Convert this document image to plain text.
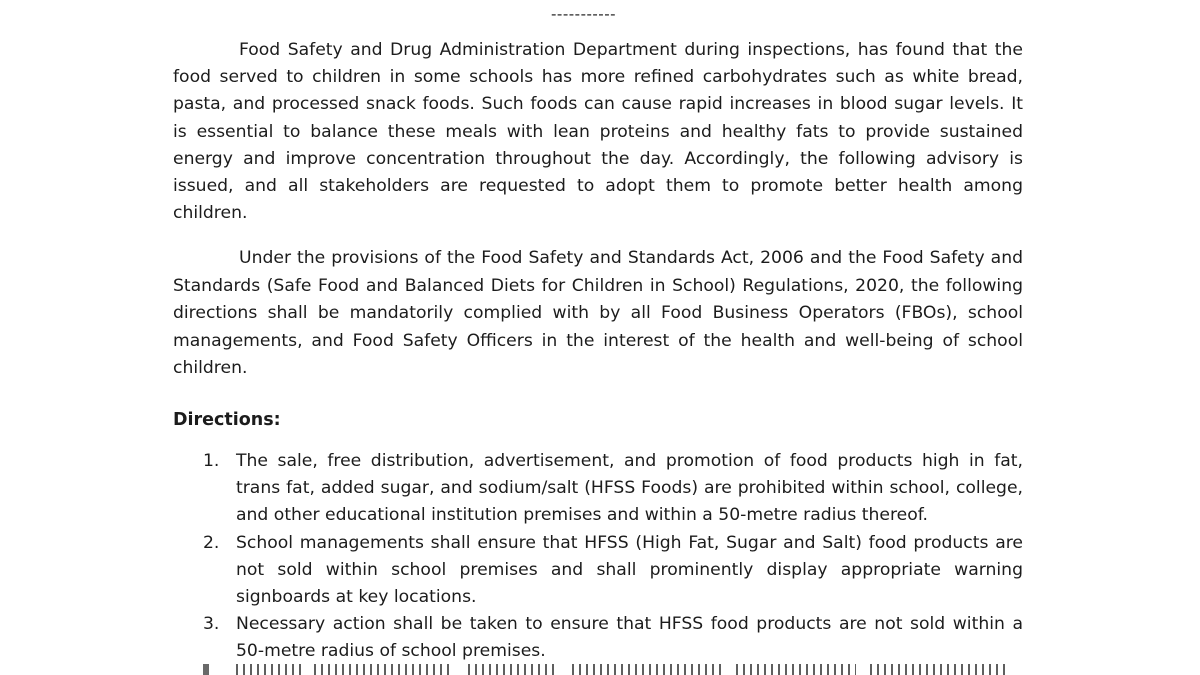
-----------

Food Safety and Drug Administration Department during inspections, has found that the food served to children in some schools has more refined carbohydrates such as white bread, pasta, and processed snack foods. Such foods can cause rapid increases in blood sugar levels. It is essential to balance these meals with lean proteins and healthy fats to provide sustained energy and improve concentration throughout the day. Accordingly, the following advisory is issued, and all stakeholders are requested to adopt them to promote better health among children.

Under the provisions of the Food Safety and Standards Act, 2006 and the Food Safety and Standards (Safe Food and Balanced Diets for Children in School) Regulations, 2020, the following directions shall be mandatorily complied with by all Food Business Operators (FBOs), school managements, and Food Safety Officers in the interest of the health and well-being of school children.

Directions:

1. The sale, free distribution, advertisement, and promotion of food products high in fat, trans fat, added sugar, and sodium/salt (HFSS Foods) are prohibited within school, college, and other educational institution premises and within a 50-metre radius thereof.
2. School managements shall ensure that HFSS (High Fat, Sugar and Salt) food products are not sold within school premises and shall prominently display appropriate warning signboards at key locations.
3. Necessary action shall be taken to ensure that HFSS food products are not sold within a 50-metre radius of school premises.
